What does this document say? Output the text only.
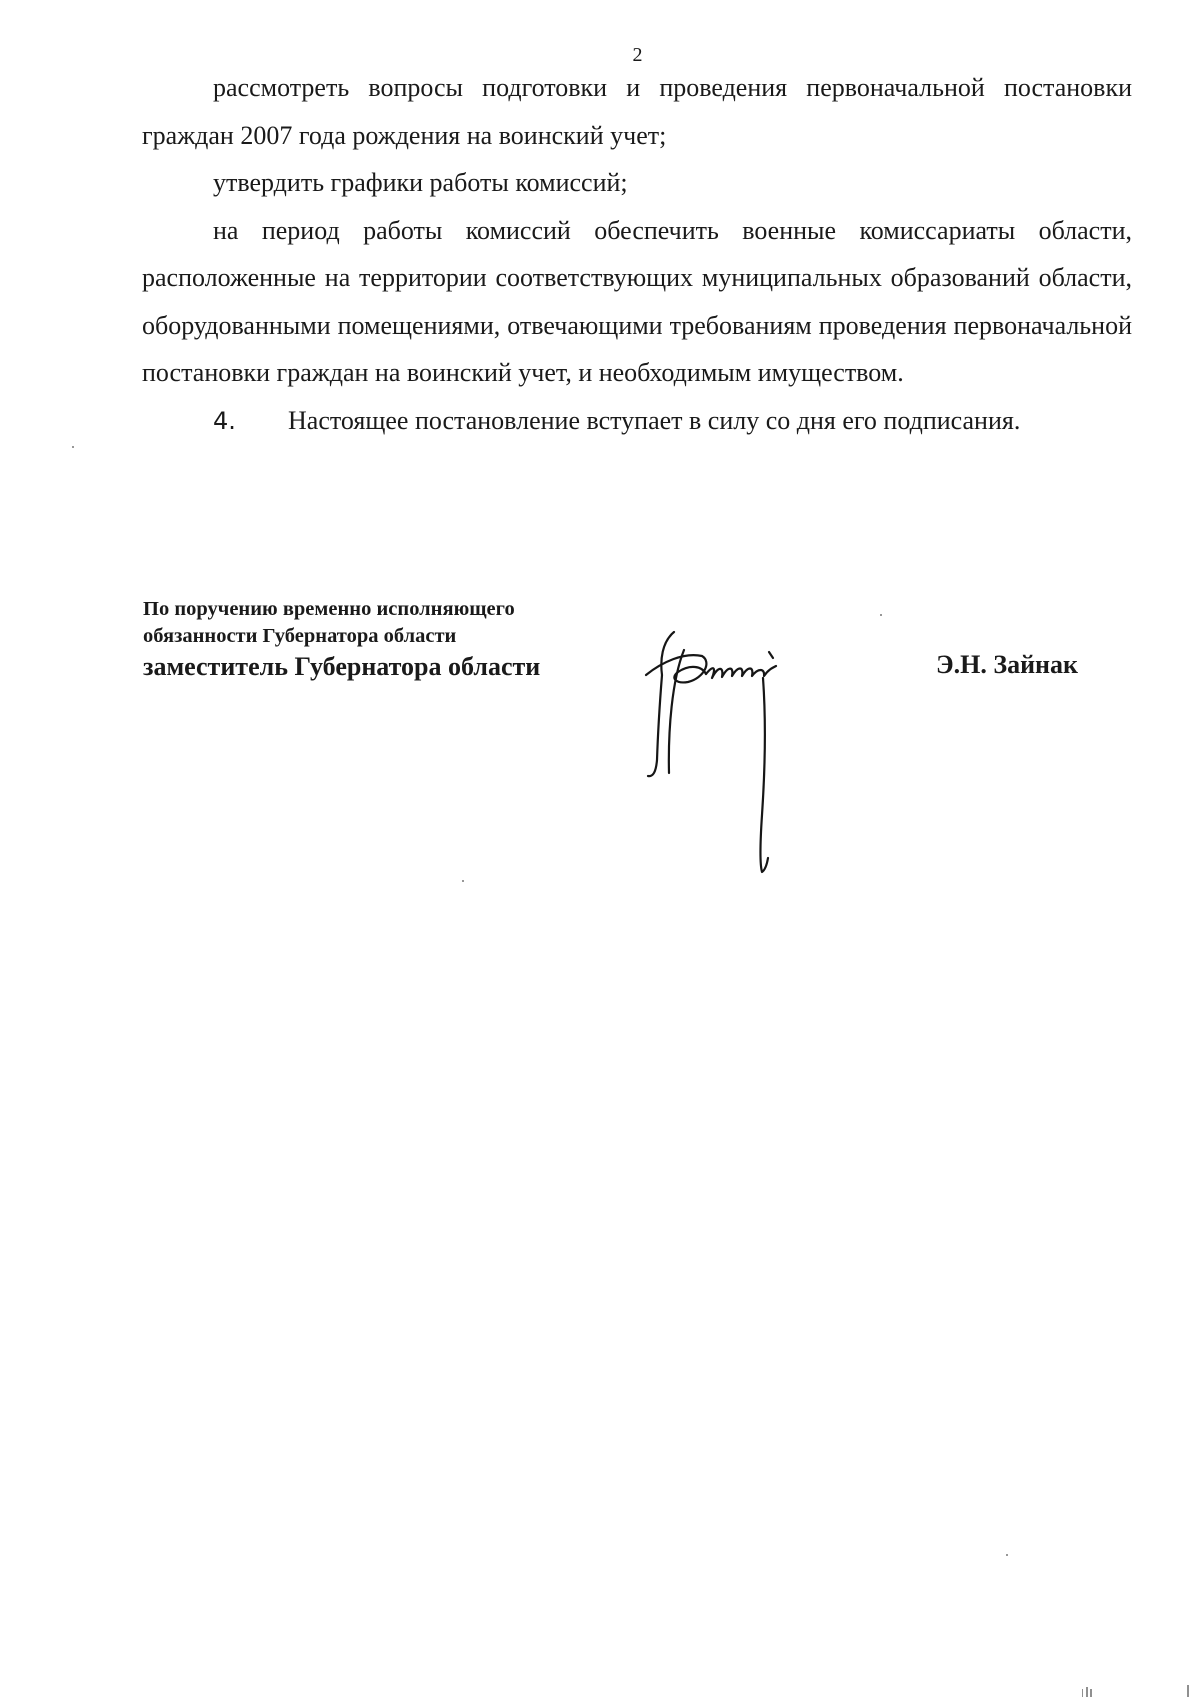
2

рассмотреть вопросы подготовки и проведения первоначальной постановки граждан 2007 года рождения на воинский учет;

утвердить графики работы комиссий;

на период работы комиссий обеспечить военные комиссариаты области, расположенные на территории соответствующих муниципальных образований области, оборудованными помещениями, отвечающими требованиям проведения первоначальной постановки граждан на воинский учет, и необходимым имуществом.

4. Настоящее постановление вступает в силу со дня его подписания.

По поручению временно исполняющего
обязанности Губернатора области
заместитель Губернатора области	Э.Н. Зайнак
